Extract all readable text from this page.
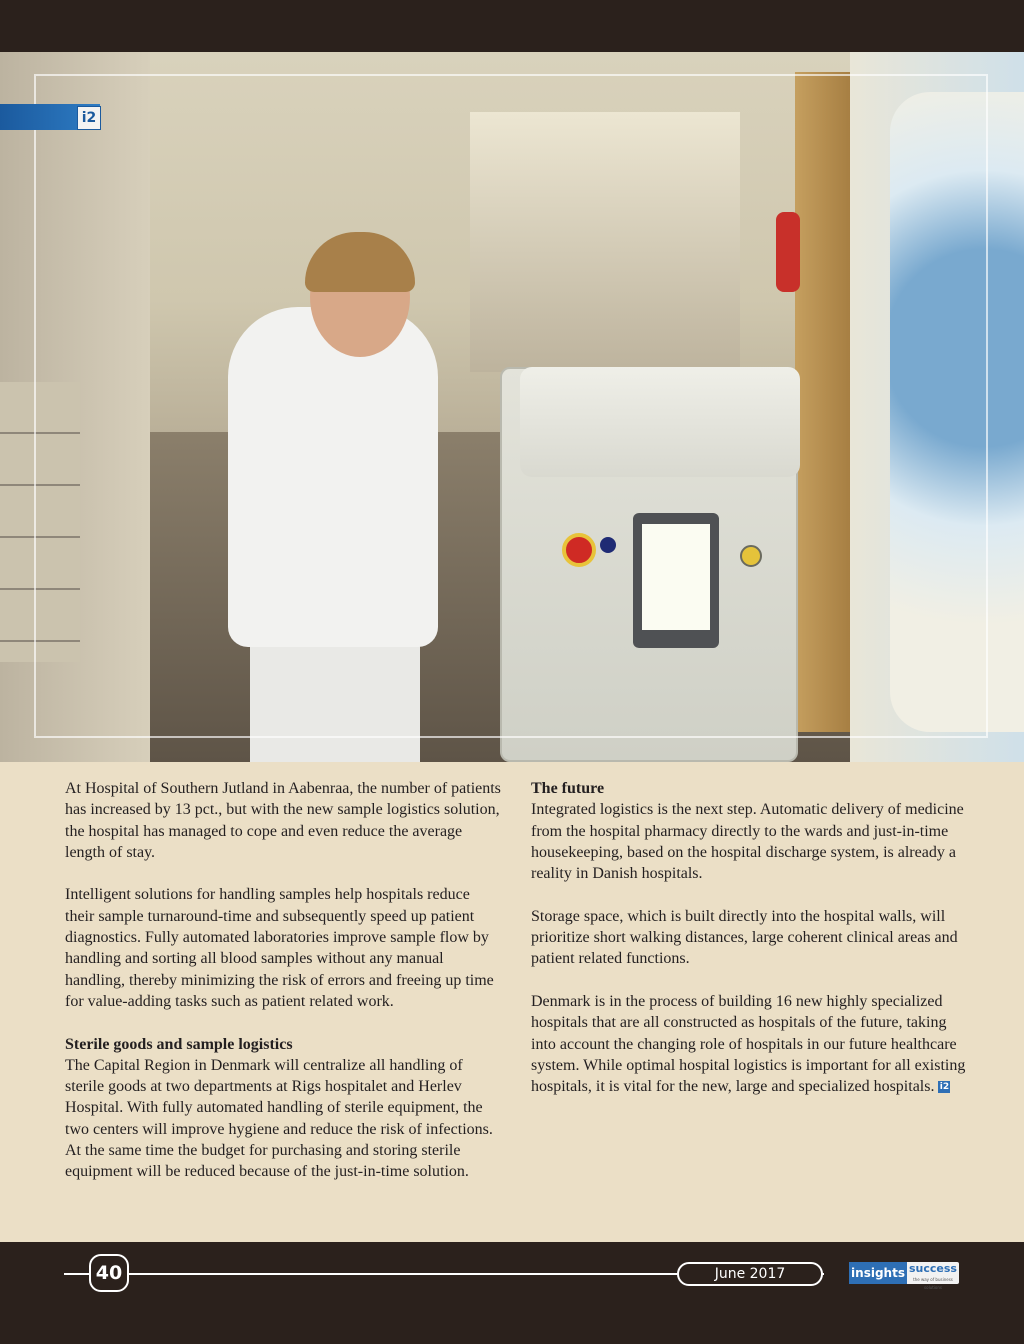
i2

At Hospital of Southern Jutland in Aabenraa, the number of patients has increased by 13 pct., but with the new sample logistics solution, the hospital has managed to cope and even reduce the average length of stay.

Intelligent solutions for handling samples help hospitals reduce their sample turnaround-time and subsequently speed up patient diagnostics. Fully automated laboratories improve sample flow by handling and sorting all blood samples without any manual handling, thereby minimizing the risk of errors and freeing up time for value-adding tasks such as patient related work.

Sterile goods and sample logistics

The Capital Region in Denmark will centralize all handling of sterile goods at two departments at Rigs hospitalet and Herlev Hospital. With fully automated handling of sterile equipment, the two centers will improve hygiene and reduce the risk of infections. At the same time the budget for purchasing and storing sterile equipment will be reduced because of the just-in-time solution.

The future

Integrated logistics is the next step. Automatic delivery of medicine from the hospital pharmacy directly to the wards and just-in-time housekeeping, based on the hospital discharge system, is already a reality in Danish hospitals.

Storage space, which is built directly into the hospital walls, will prioritize short walking distances, large coherent clinical areas and patient related functions.

Denmark is in the process of building 16 new highly specialized hospitals that are all constructed as hospitals of the future, taking into account the changing role of hospitals in our future healthcare system. While optimal hospital logistics is important for all existing hospitals, it is vital for the new, large and specialized hospitals. i2

40	June 2017	insights success
the way of business solutions
